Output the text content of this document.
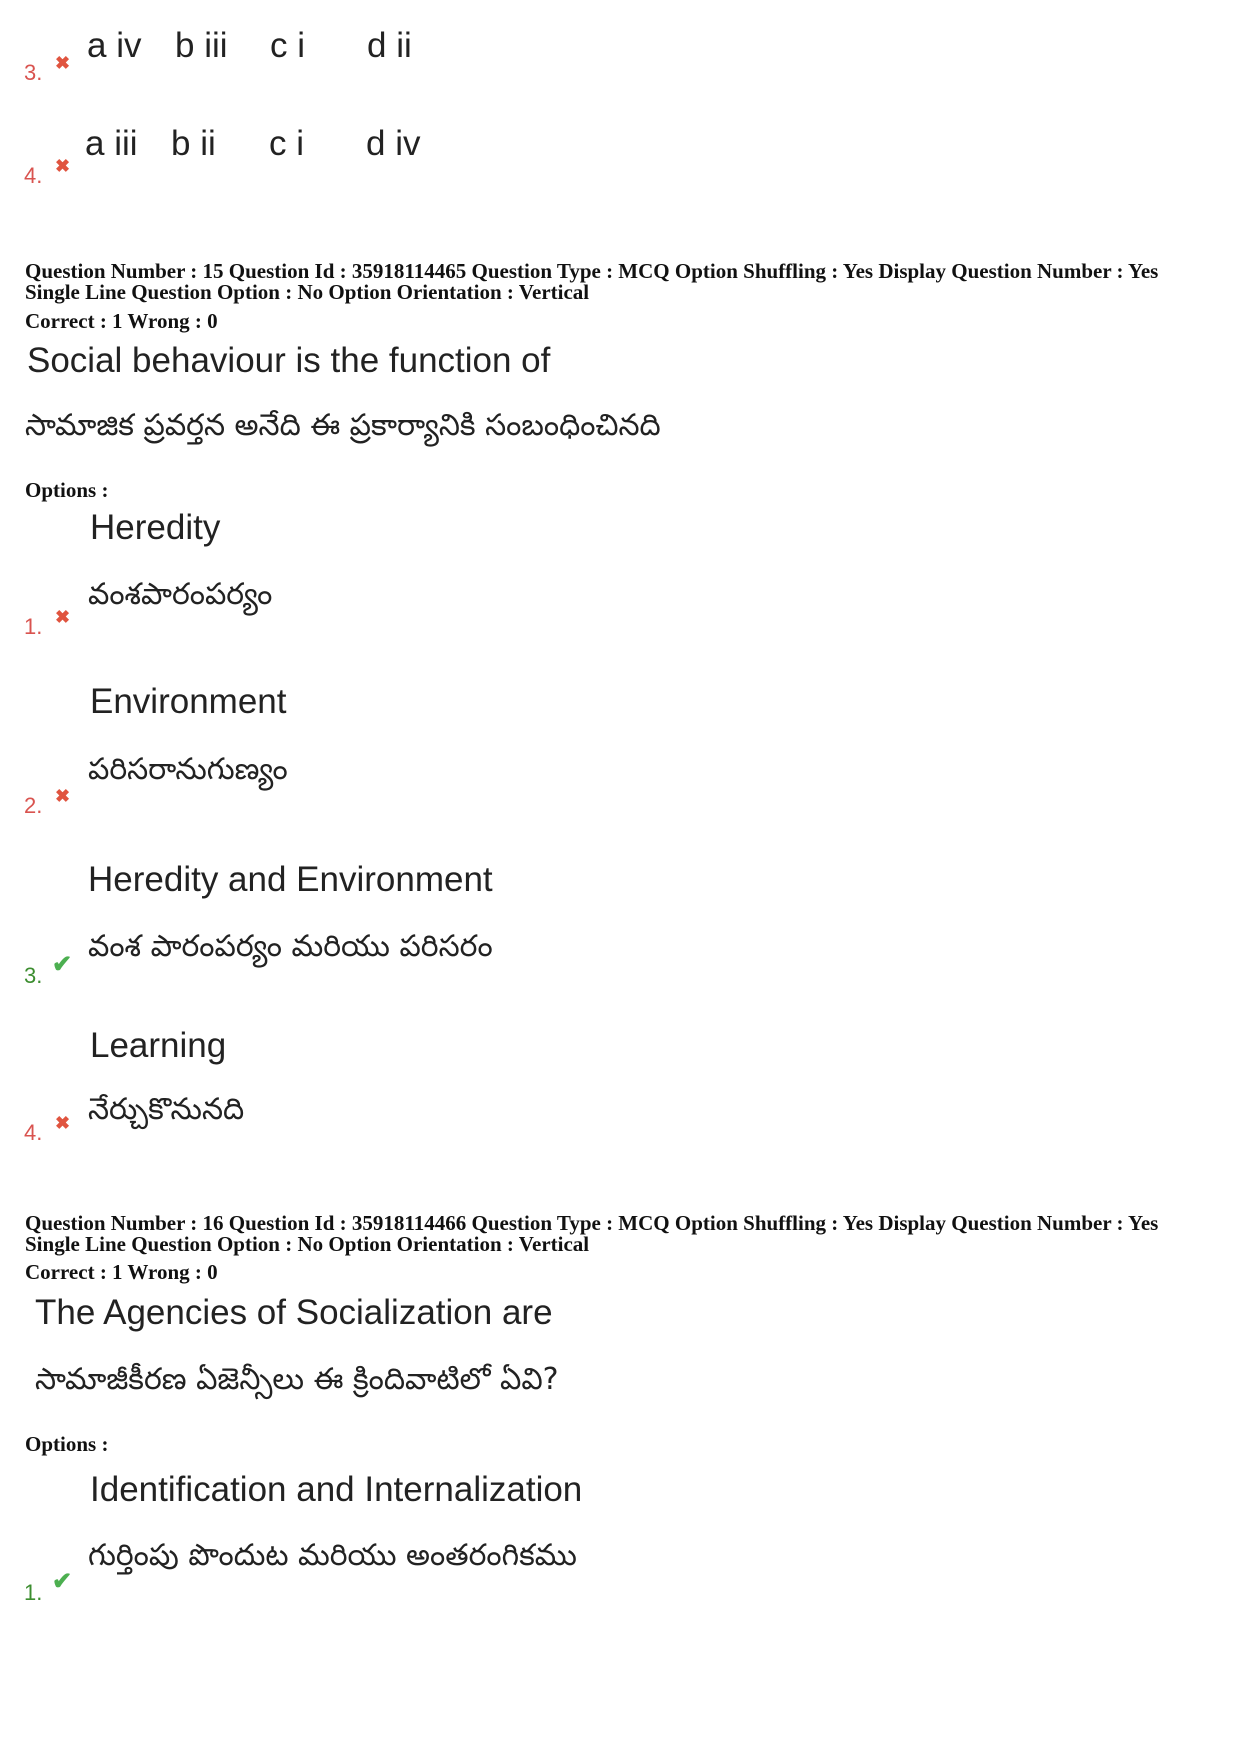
3. ✖ a iv b iii c i d ii
4. ✖
a iii b ii c i d iv
Question Number : 15 Question Id : 35918114465 Question Type : MCQ Option Shuffling : Yes Display Question Number : Yes
Single Line Question Option : No Option Orientation : Vertical
Correct : 1 Wrong : 0
Social behaviour is the function of
సామాజిక ప్రవర్తన అనేది ఈ ప్రకార్యానికి సంబంధించినది
Options :
Heredity
వంశపారంపర్యం
1. ✖
Environment
పరిసరానుగుణ్యం
2. ✖
Heredity and Environment
వంశ పారంపర్యం మరియు పరిసరం
3. ✔
Learning
నేర్చుకొనునది
4. ✖
Question Number : 16 Question Id : 35918114466 Question Type : MCQ Option Shuffling : Yes Display Question Number : Yes
Single Line Question Option : No Option Orientation : Vertical
Correct : 1 Wrong : 0
The Agencies of Socialization are
సామాజీకీరణ ఏజెన్సీలు ఈ క్రిందివాటిలో ఏవి?
Options :
Identification and Internalization
గుర్తింపు పొందుట మరియు అంతరంగికము
1. ✔
